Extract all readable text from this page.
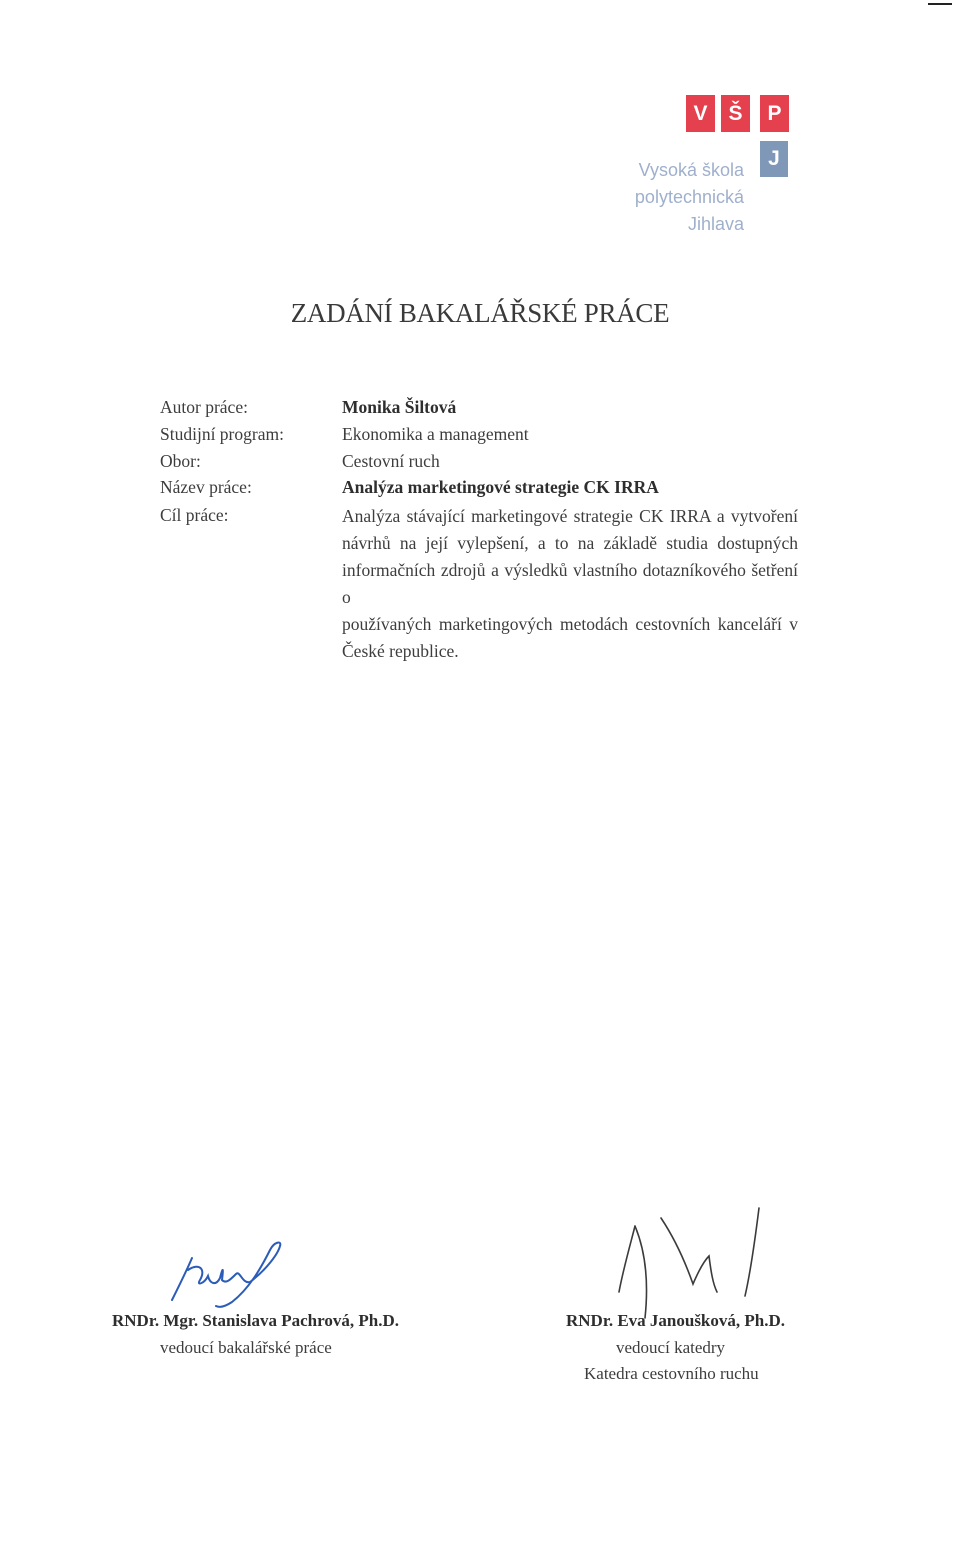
V Š	P
J
Vysoká škola
polytechnická
Jihlava
ZADÁNÍ BAKALÁŘSKÉ PRÁCE
Autor práce:	Monika Šiltová
Studijní program:	Ekonomika a management
Obor:	Cestovní ruch
Název práce:	Analýza marketingové strategie CK IRRA
Cíl práce:	Analýza stávající marketingové strategie CK IRRA a vytvoření
návrhů na její vylepšení, a to na základě studia dostupných
informačních zdrojů a výsledků vlastního dotazníkového šetření o
používaných marketingových metodách cestovních kanceláří v
České republice.
RNDr. Mgr. Stanislava Pachrová, Ph.D.
vedoucí bakalářské práce
RNDr. Eva Janoušková, Ph.D.
vedoucí katedry
Katedra cestovního ruchu
